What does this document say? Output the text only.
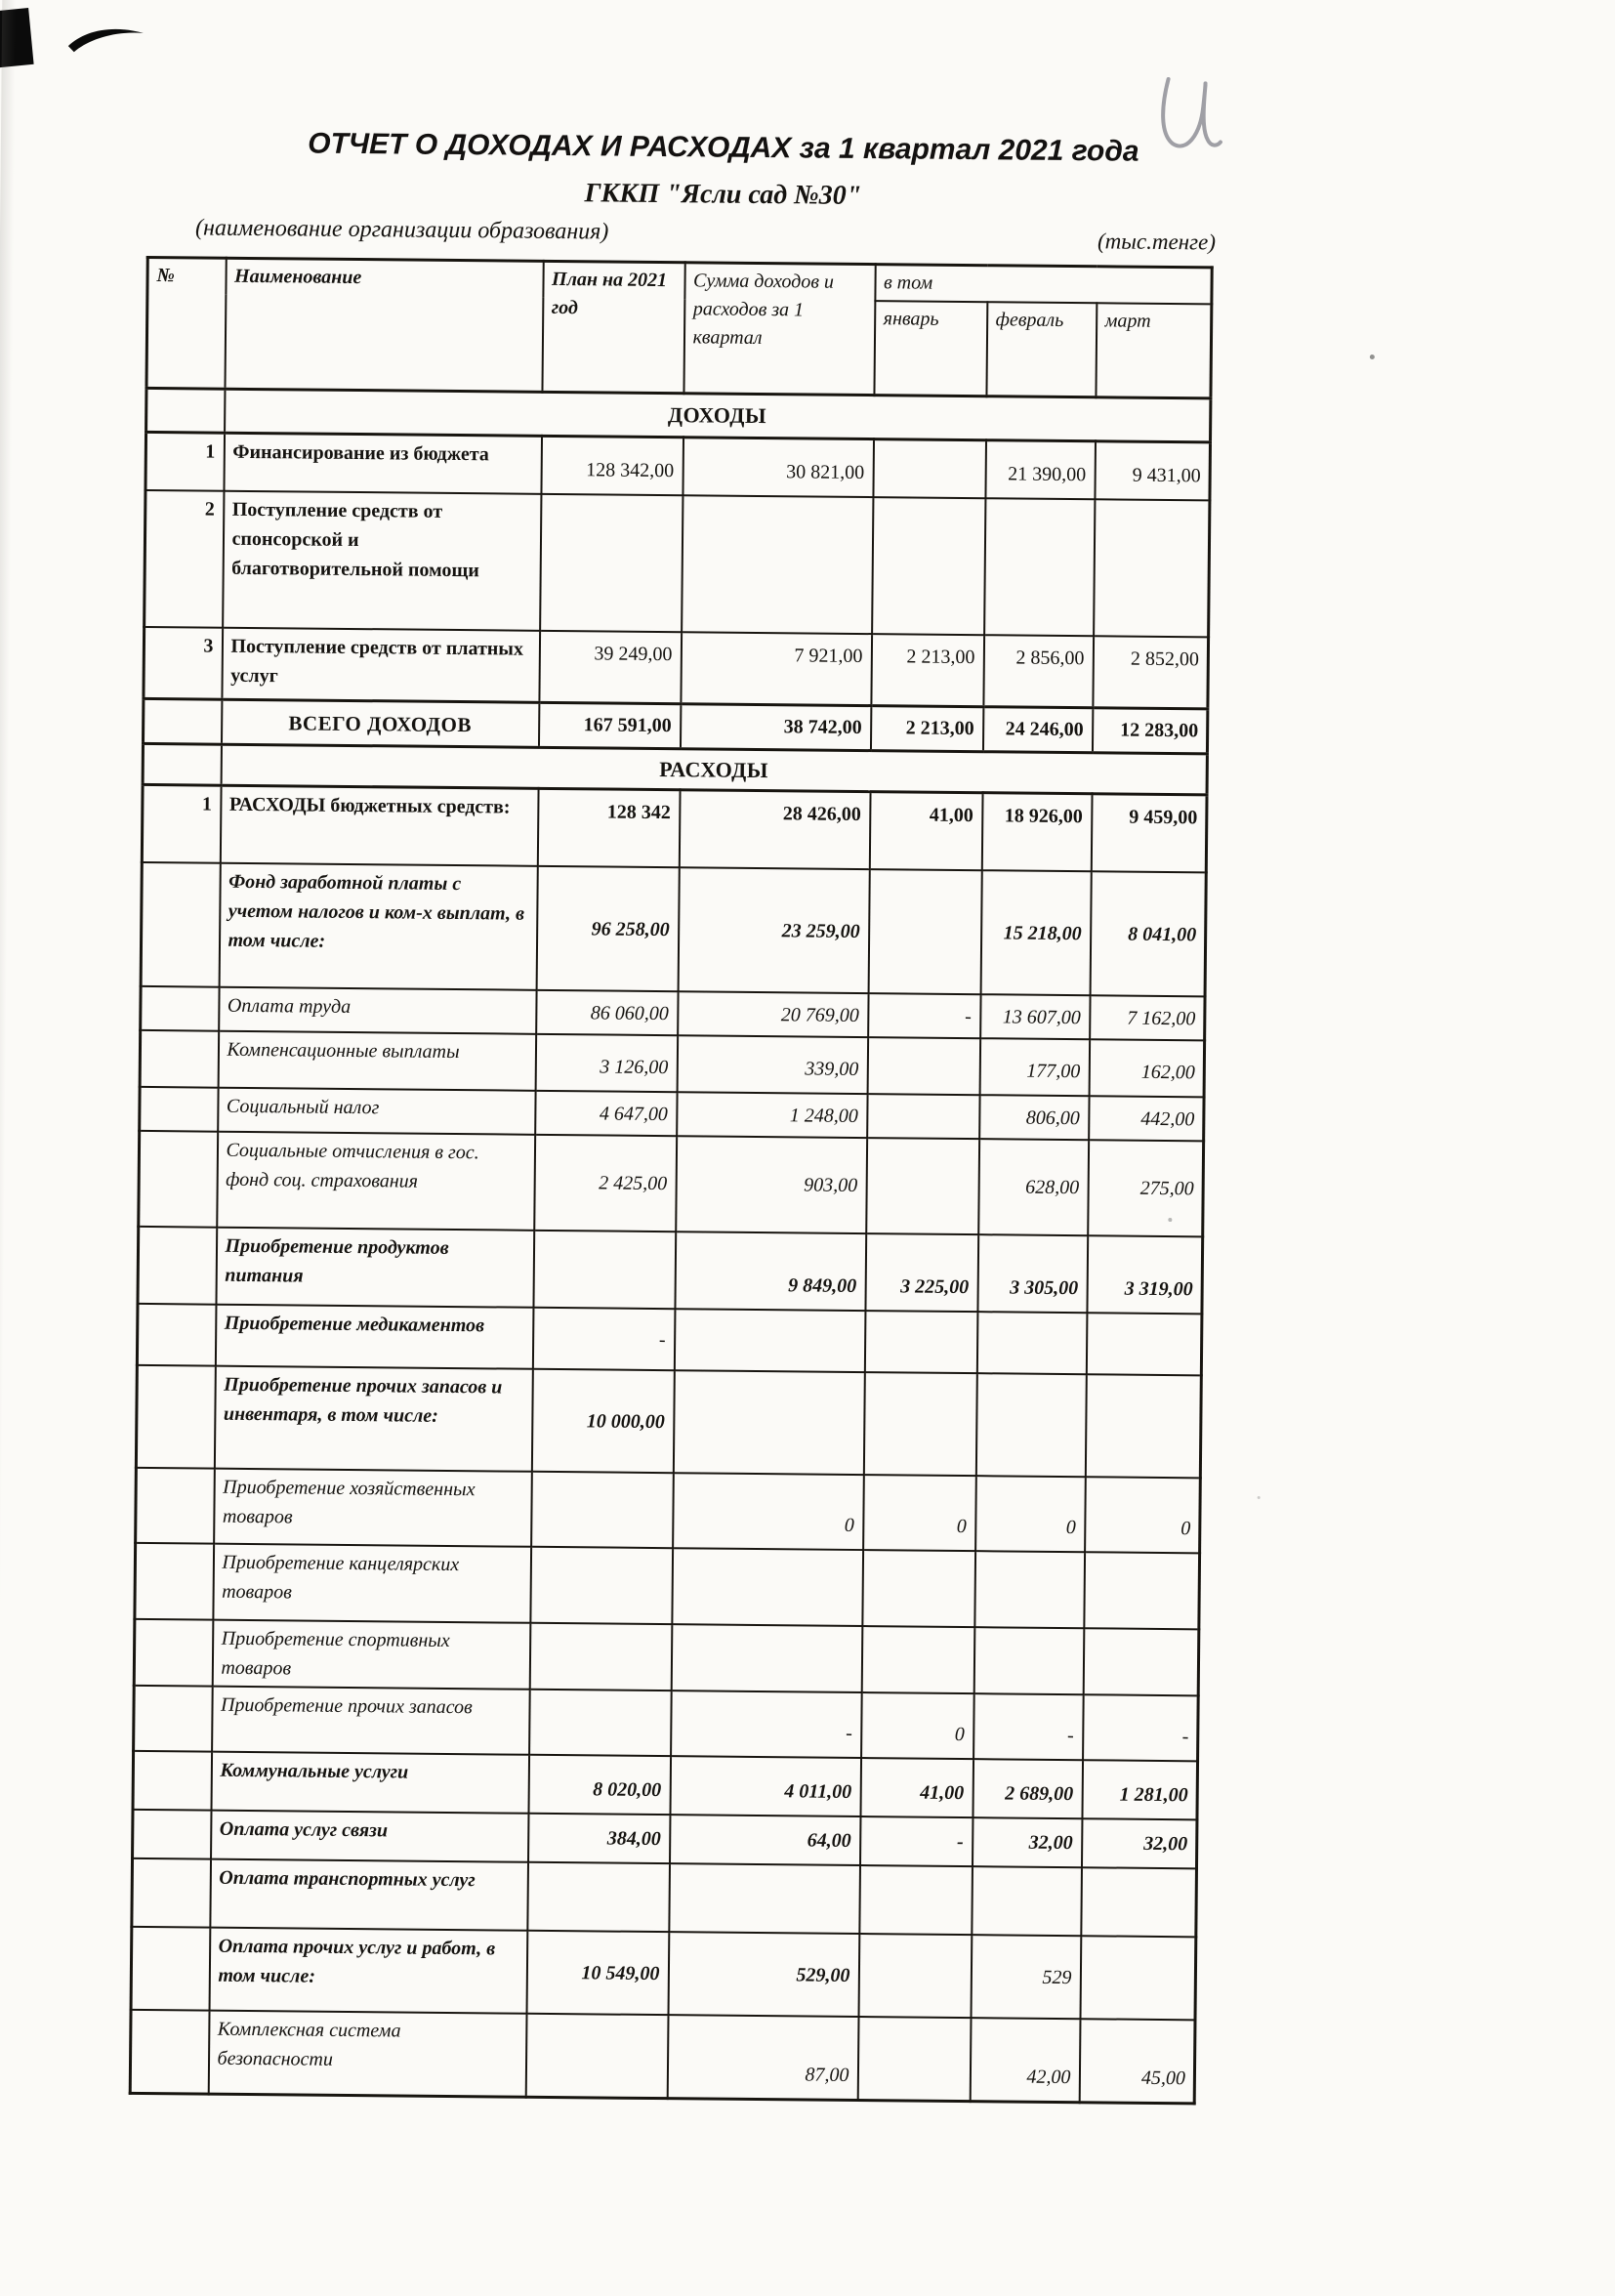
ОТЧЕТ О ДОХОДАХ И РАСХОДАХ за 1 квартал 2021 года
ГККП "Ясли сад №30"
(наименование организации образования)	(тыс.тенге)
№	Наименование	План на 2021 год	Сумма доходов и расходов за 1 квартал	в том		
				январь	февраль	март
	ДОХОДЫ					
1	Финансирование из бюджета	128 342,00	30 821,00		21 390,00	9 431,00
2	Поступление средств от спонсорской и благотворительной помощи					
3	Поступление средств от платных услуг	39 249,00	7 921,00	2 213,00	2 856,00	2 852,00
	ВСЕГО ДОХОДОВ	167 591,00	38 742,00	2 213,00	24 246,00	12 283,00
	РАСХОДЫ					
1	РАСХОДЫ бюджетных средств:	128 342	28 426,00	41,00	18 926,00	9 459,00
	Фонд заработной платы с учетом налогов и ком-х выплат, в том числе:	96 258,00	23 259,00		15 218,00	8 041,00
	Оплата труда	86 060,00	20 769,00	-	13 607,00	7 162,00
	Компенсационные выплаты	3 126,00	339,00		177,00	162,00
	Социальный налог	4 647,00	1 248,00		806,00	442,00
	Социальные отчисления в гос. фонд соц. страхования	2 425,00	903,00		628,00	275,00
	Приобретение продуктов питания		9 849,00	3 225,00	3 305,00	3 319,00
	Приобретение медикаментов	-				
	Приобретение прочих запасов и инвентаря, в том числе:	10 000,00				
	Приобретение хозяйственных товаров		0	0	0	0
	Приобретение канцелярских товаров					
	Приобретение спортивных товаров					
	Приобретение прочих запасов		-	0	-	-
	Коммунальные услуги	8 020,00	4 011,00	41,00	2 689,00	1 281,00
	Оплата услуг связи	384,00	64,00	-	32,00	32,00
	Оплата транспортных услуг					
	Оплата прочих услуг и работ, в том числе:	10 549,00	529,00		529	
	Комплексная система безопасности		87,00		42,00	45,00
